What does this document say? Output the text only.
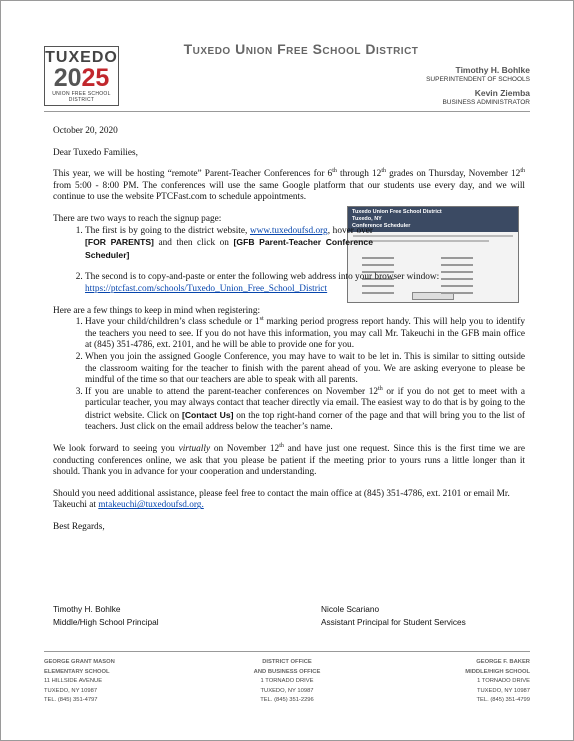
TUXEDO
2025
UNION FREE SCHOOL DISTRICT
Tuxedo Union Free School District
Timothy H. Bohlke
SUPERINTENDENT OF SCHOOLS
Kevin Ziemba
BUSINESS ADMINISTRATOR
Tuxedo Union Free School District
Tuxedo, NY
Conference Scheduler

October 20, 2020

Dear Tuxedo Families,

This year, we will be hosting “remote” Parent-Teacher Conferences for 6th through 12th grades on Thursday, November 12th from 5:00 - 8:00 PM. The conferences will use the same Google platform that our students use every day, and we will continue to use the website PTCFast.com to schedule appointments.

There are two ways to reach the signup page:

1. The first is by going to the district website, www.tuxedoufsd.org, hover over [FOR PARENTS] and then click on [GFB Parent-Teacher Conference Scheduler]
2. The second is to copy-and-paste or enter the following web address into your browser window: https://ptcfast.com/schools/Tuxedo_Union_Free_School_District

Here are a few things to keep in mind when registering:

1. Have your child/children’s class schedule or 1st marking period progress report handy. This will help you to identify the teachers you need to see. If you do not have this information, you may call Mr. Takeuchi in the GFB main office at (845) 351-4786, ext. 2101, and he will be able to provide one for you.
2. When you join the assigned Google Conference, you may have to wait to be let in. This is similar to sitting outside the classroom waiting for the teacher to finish with the parent ahead of you. We are asking everyone to please be mindful of the time so that our teachers are able to speak with all parents.
3. If you are unable to attend the parent-teacher conferences on November 12th or if you do not get to meet with a particular teacher, you may always contact that teacher directly via email. The easiest way to do that is by going to the district website. Click on [Contact Us] on the top right-hand corner of the page and that will bring you to the list of teachers. Just click on the email address below the teacher’s name.

We look forward to seeing you virtually on November 12th and have just one request. Since this is the first time we are conducting conferences online, we ask that you please be patient if the meeting prior to yours runs a little longer than it should. Thank you in advance for your cooperation and understanding.

Should you need additional assistance, please feel free to contact the main office at (845) 351-4786, ext. 2101 or email Mr. Takeuchi at mtakeuchi@tuxedoufsd.org.

Best Regards,

Timothy H. Bohlke
Middle/High School Principal
Nicole Scariano
Assistant Principal for Student Services
GEORGE GRANT MASON
ELEMENTARY SCHOOL
11 HILLSIDE AVENUE
TUXEDO, NY 10987
TEL. (845) 351-4797
DISTRICT OFFICE
AND BUSINESS OFFICE
1 TORNADO DRIVE
TUXEDO, NY 10987
TEL. (845) 351-2296
GEORGE F. BAKER
MIDDLE/HIGH SCHOOL
1 TORNADO DRIVE
TUXEDO, NY 10987
TEL. (845) 351-4799
